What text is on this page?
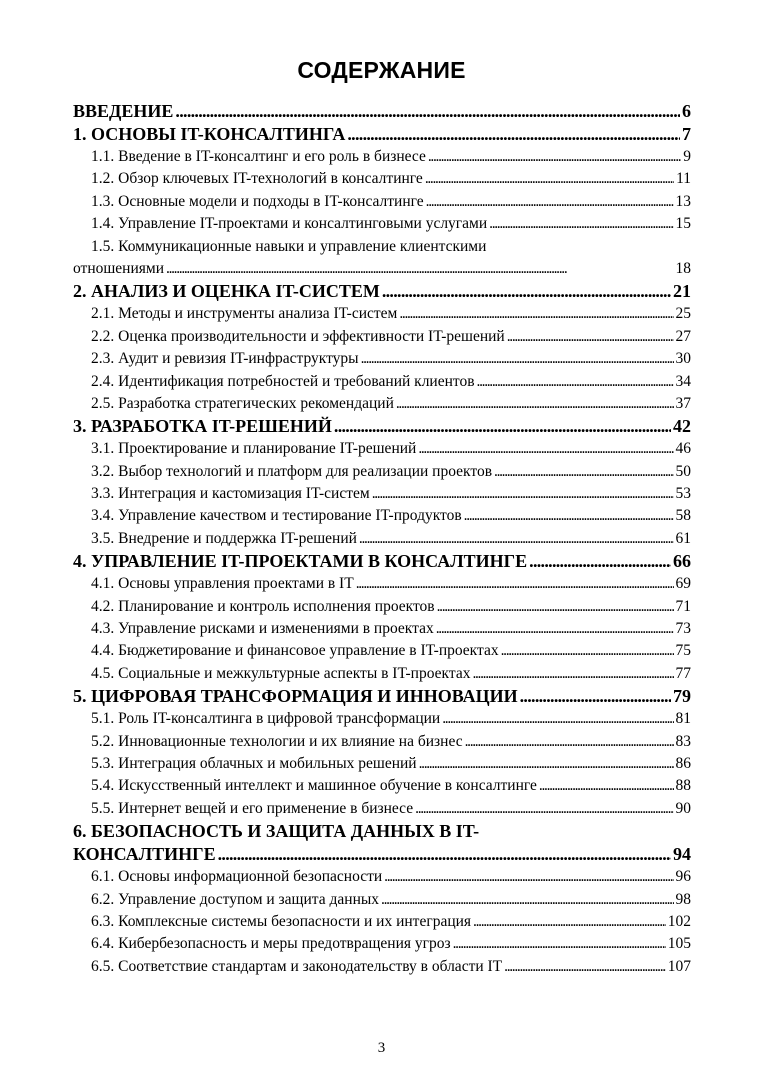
СОДЕРЖАНИЕ
ВВЕДЕНИЕ . . .	6
1. ОСНОВЫ IT-КОНСАЛТИНГА . . .	7
1.1. Введение в IT-консалтинг и его роль в бизнесе . . .	9
1.2. Обзор ключевых IT-технологий в консалтинге . . .	11
1.3. Основные модели и подходы в IT-консалтинге . . .	13
1.4. Управление IT-проектами и консалтинговыми услугами . . .	15
1.5. Коммуникационные навыки и управление клиентскими
отношениями . . .	18
2. АНАЛИЗ И ОЦЕНКА IT-СИСТЕМ . . .	21
2.1. Методы и инструменты анализа IT-систем . . .	25
2.2. Оценка производительности и эффективности IT-решений . . .	27
2.3. Аудит и ревизия IT-инфраструктуры . . .	30
2.4. Идентификация потребностей и требований клиентов . . .	34
2.5. Разработка стратегических рекомендаций . . .	37
3. РАЗРАБОТКА IT-РЕШЕНИЙ . . .	42
3.1. Проектирование и планирование IT-решений . . .	46
3.2. Выбор технологий и платформ для реализации проектов . . .	50
3.3. Интеграция и кастомизация IT-систем . . .	53
3.4. Управление качеством и тестирование IT-продуктов . . .	58
3.5. Внедрение и поддержка IT-решений . . .	61
4. УПРАВЛЕНИЕ IT-ПРОЕКТАМИ В КОНСАЛТИНГЕ . . .	66
4.1. Основы управления проектами в IT . . .	69
4.2. Планирование и контроль исполнения проектов . . .	71
4.3. Управление рисками и изменениями в проектах . . .	73
4.4. Бюджетирование и финансовое управление в IT-проектах . . .	75
4.5. Социальные и межкультурные аспекты в IT-проектах . . .	77
5. ЦИФРОВАЯ ТРАНСФОРМАЦИЯ И ИННОВАЦИИ . . .	79
5.1. Роль IT-консалтинга в цифровой трансформации . . .	81
5.2. Инновационные технологии и их влияние на бизнес . . .	83
5.3. Интеграция облачных и мобильных решений . . .	86
5.4. Искусственный интеллект и машинное обучение в консалтинге . . .	88
5.5. Интернет вещей и его применение в бизнесе . . .	90
6. БЕЗОПАСНОСТЬ И ЗАЩИТА ДАННЫХ В IT-
КОНСАЛТИНГЕ . . .	94
6.1. Основы информационной безопасности . . .	96
6.2. Управление доступом и защита данных . . .	98
6.3. Комплексные системы безопасности и их интеграция . . .	102
6.4. Кибербезопасность и меры предотвращения угроз . . .	105
6.5. Соответствие стандартам и законодательству в области IT . . .	107
3
